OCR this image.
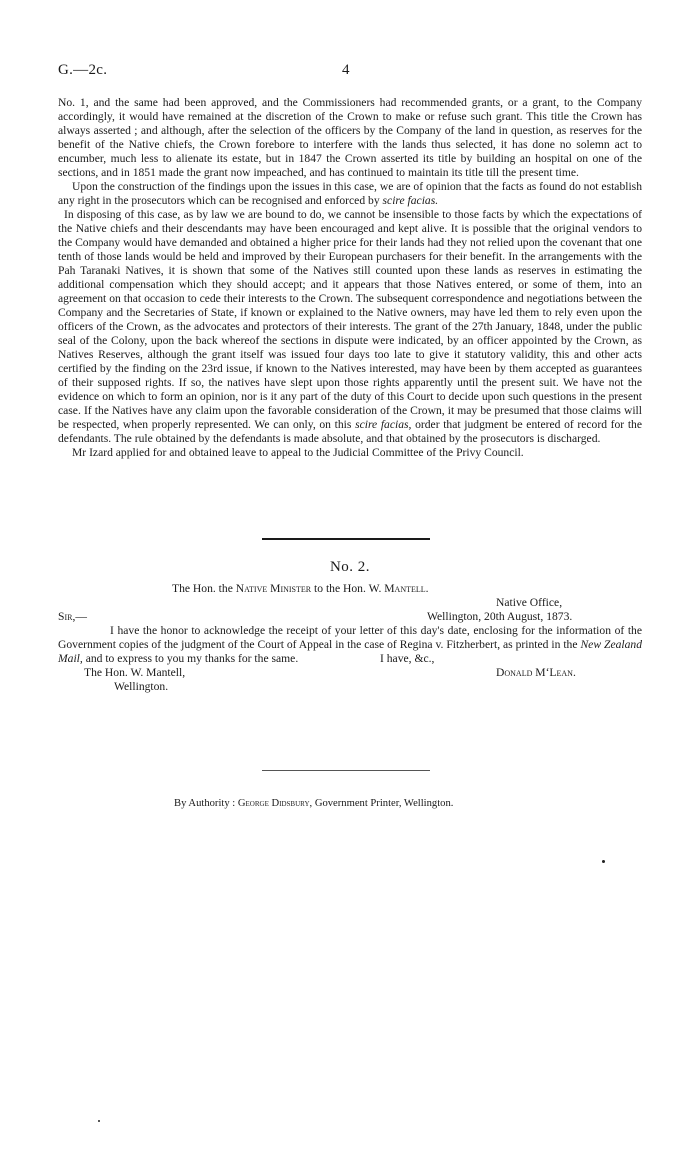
G.—2c.	4

No. 1, and the same had been approved, and the Commissioners had recommended grants, or a grant, to the Company accordingly, it would have remained at the discretion of the Crown to make or refuse such grant. This title the Crown has always asserted ; and although, after the selection of the officers by the Company of the land in question, as reserves for the benefit of the Native chiefs, the Crown forebore to interfere with the lands thus selected, it has done no solemn act to encumber, much less to alienate its estate, but in 1847 the Crown asserted its title by building an hospital on one of the sections, and in 1851 made the grant now impeached, and has continued to maintain its title till the present time.

Upon the construction of the findings upon the issues in this case, we are of opinion that the facts as found do not establish any right in the prosecutors which can be recognised and enforced by scire facias.

In disposing of this case, as by law we are bound to do, we cannot be insensible to those facts by which the expectations of the Native chiefs and their descendants may have been encouraged and kept alive. It is possible that the original vendors to the Company would have demanded and obtained a higher price for their lands had they not relied upon the covenant that one tenth of those lands would be held and improved by their European purchasers for their benefit. In the arrangements with the Pah Taranaki Natives, it is shown that some of the Natives still counted upon these lands as reserves in estimating the additional compensation which they should accept; and it appears that those Natives entered, or some of them, into an agreement on that occasion to cede their interests to the Crown. The subsequent correspondence and negotiations between the Company and the Secretaries of State, if known or explained to the Native owners, may have led them to rely even upon the officers of the Crown, as the advocates and protectors of their interests. The grant of the 27th January, 1848, under the public seal of the Colony, upon the back whereof the sections in dispute were indicated, by an officer appointed by the Crown, as Natives Reserves, although the grant itself was issued four days too late to give it statutory validity, this and other acts certified by the finding on the 23rd issue, if known to the Natives interested, may have been by them accepted as guarantees of their supposed rights. If so, the natives have slept upon those rights apparently until the present suit. We have not the evidence on which to form an opinion, nor is it any part of the duty of this Court to decide upon such questions in the present case. If the Natives have any claim upon the favorable consideration of the Crown, it may be presumed that those claims will be respected, when properly represented. We can only, on this scire facias, order that judgment be entered of record for the defendants. The rule obtained by the defendants is made absolute, and that obtained by the prosecutors is discharged.

Mr Izard applied for and obtained leave to appeal to the Judicial Committee of the Privy Council.

No. 2.
The Hon. the Native Minister to the Hon. W. Mantell.
Native Office,
Sir,—	Wellington, 20th August, 1873.
I have the honor to acknowledge the receipt of your letter of this day's date, enclosing for the information of the Government copies of the judgment of the Court of Appeal in the case of Regina v. Fitzherbert, as printed in the New Zealand Mail, and to express to you my thanks for the same.	I have, &c.,
The Hon. W. Mantell,	Donald M‘Lean.
Wellington.
By Authority : George Didsbury, Government Printer, Wellington.
